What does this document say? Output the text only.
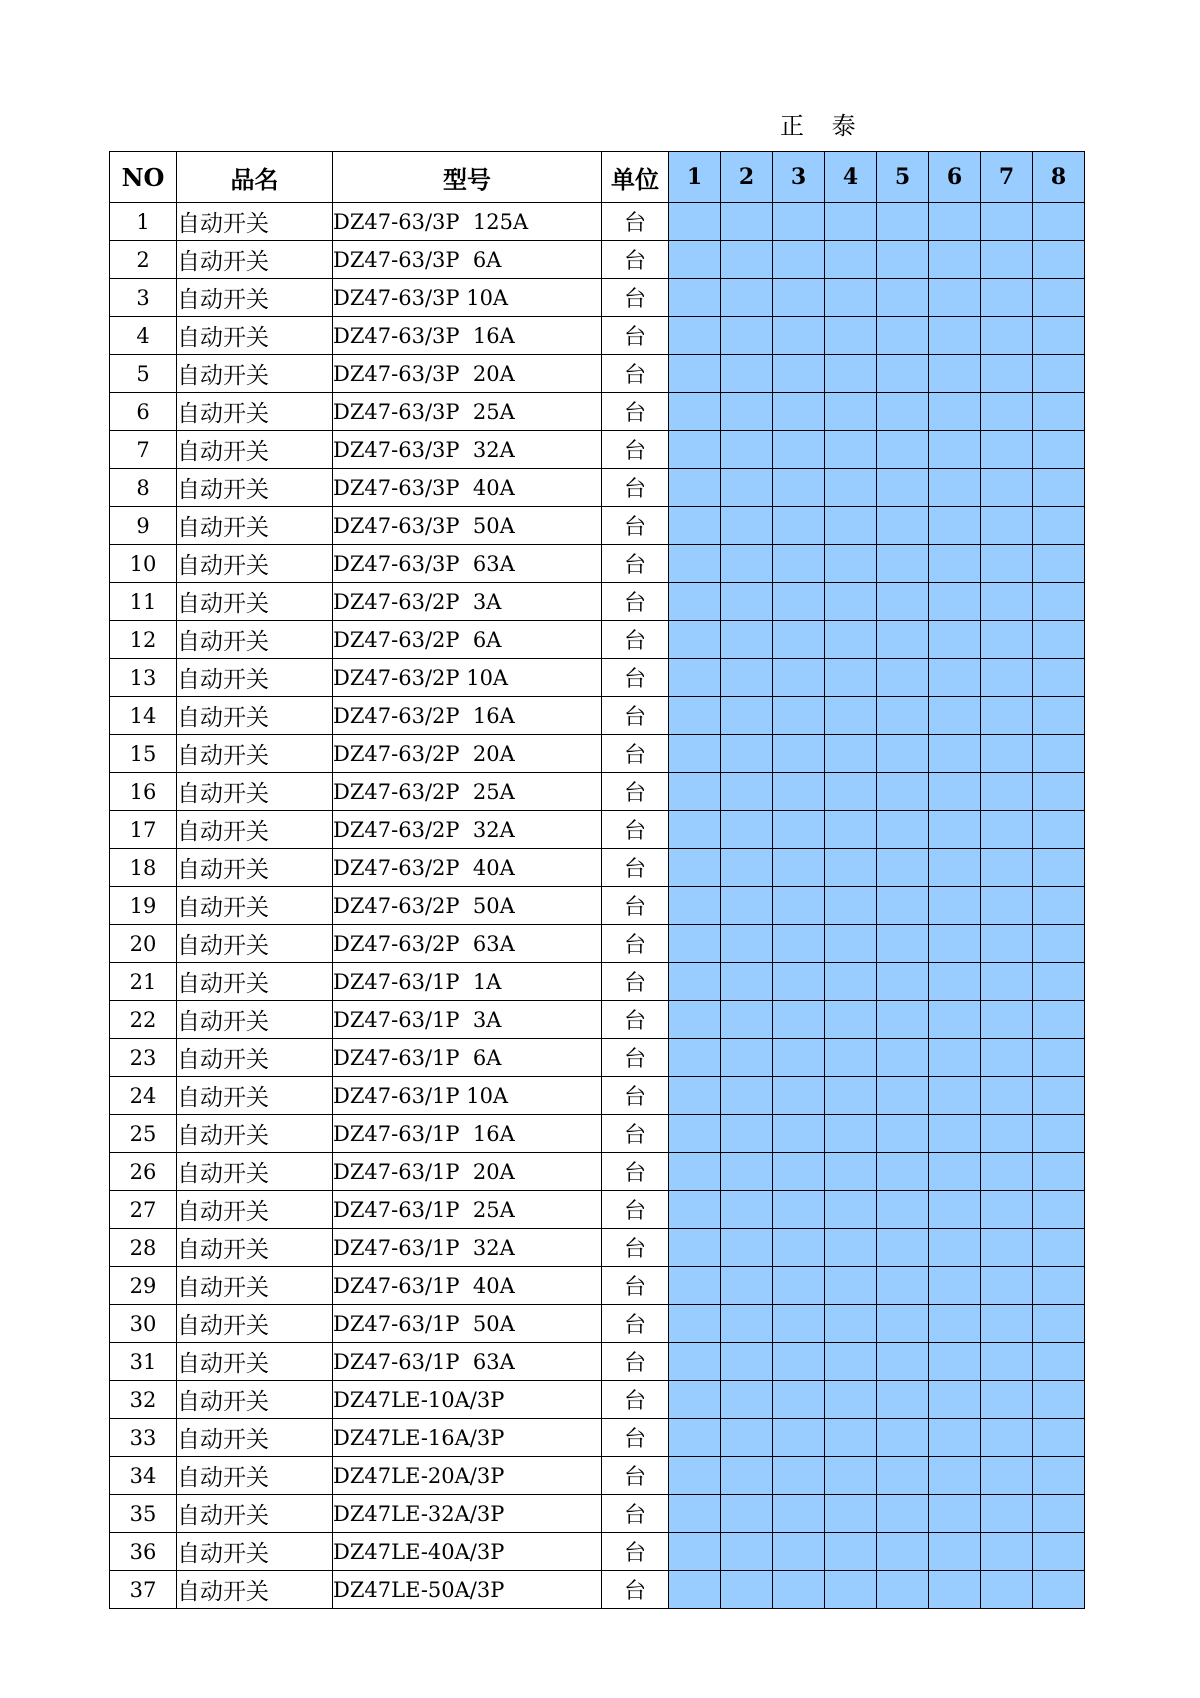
正 泰
NO	品名	型号	单位	1	2	3	4	5	6	7	8
1	自动开关	DZ47-63/3P  125A	台								
2	自动开关	DZ47-63/3P  6A	台								
3	自动开关	DZ47-63/3P 10A	台								
4	自动开关	DZ47-63/3P  16A	台								
5	自动开关	DZ47-63/3P  20A	台								
6	自动开关	DZ47-63/3P  25A	台								
7	自动开关	DZ47-63/3P  32A	台								
8	自动开关	DZ47-63/3P  40A	台								
9	自动开关	DZ47-63/3P  50A	台								
10	自动开关	DZ47-63/3P  63A	台								
11	自动开关	DZ47-63/2P  3A	台								
12	自动开关	DZ47-63/2P  6A	台								
13	自动开关	DZ47-63/2P 10A	台								
14	自动开关	DZ47-63/2P  16A	台								
15	自动开关	DZ47-63/2P  20A	台								
16	自动开关	DZ47-63/2P  25A	台								
17	自动开关	DZ47-63/2P  32A	台								
18	自动开关	DZ47-63/2P  40A	台								
19	自动开关	DZ47-63/2P  50A	台								
20	自动开关	DZ47-63/2P  63A	台								
21	自动开关	DZ47-63/1P  1A	台								
22	自动开关	DZ47-63/1P  3A	台								
23	自动开关	DZ47-63/1P  6A	台								
24	自动开关	DZ47-63/1P 10A	台								
25	自动开关	DZ47-63/1P  16A	台								
26	自动开关	DZ47-63/1P  20A	台								
27	自动开关	DZ47-63/1P  25A	台								
28	自动开关	DZ47-63/1P  32A	台								
29	自动开关	DZ47-63/1P  40A	台								
30	自动开关	DZ47-63/1P  50A	台								
31	自动开关	DZ47-63/1P  63A	台								
32	自动开关	DZ47LE-10A/3P	台								
33	自动开关	DZ47LE-16A/3P	台								
34	自动开关	DZ47LE-20A/3P	台								
35	自动开关	DZ47LE-32A/3P	台								
36	自动开关	DZ47LE-40A/3P	台								
37	自动开关	DZ47LE-50A/3P	台								
